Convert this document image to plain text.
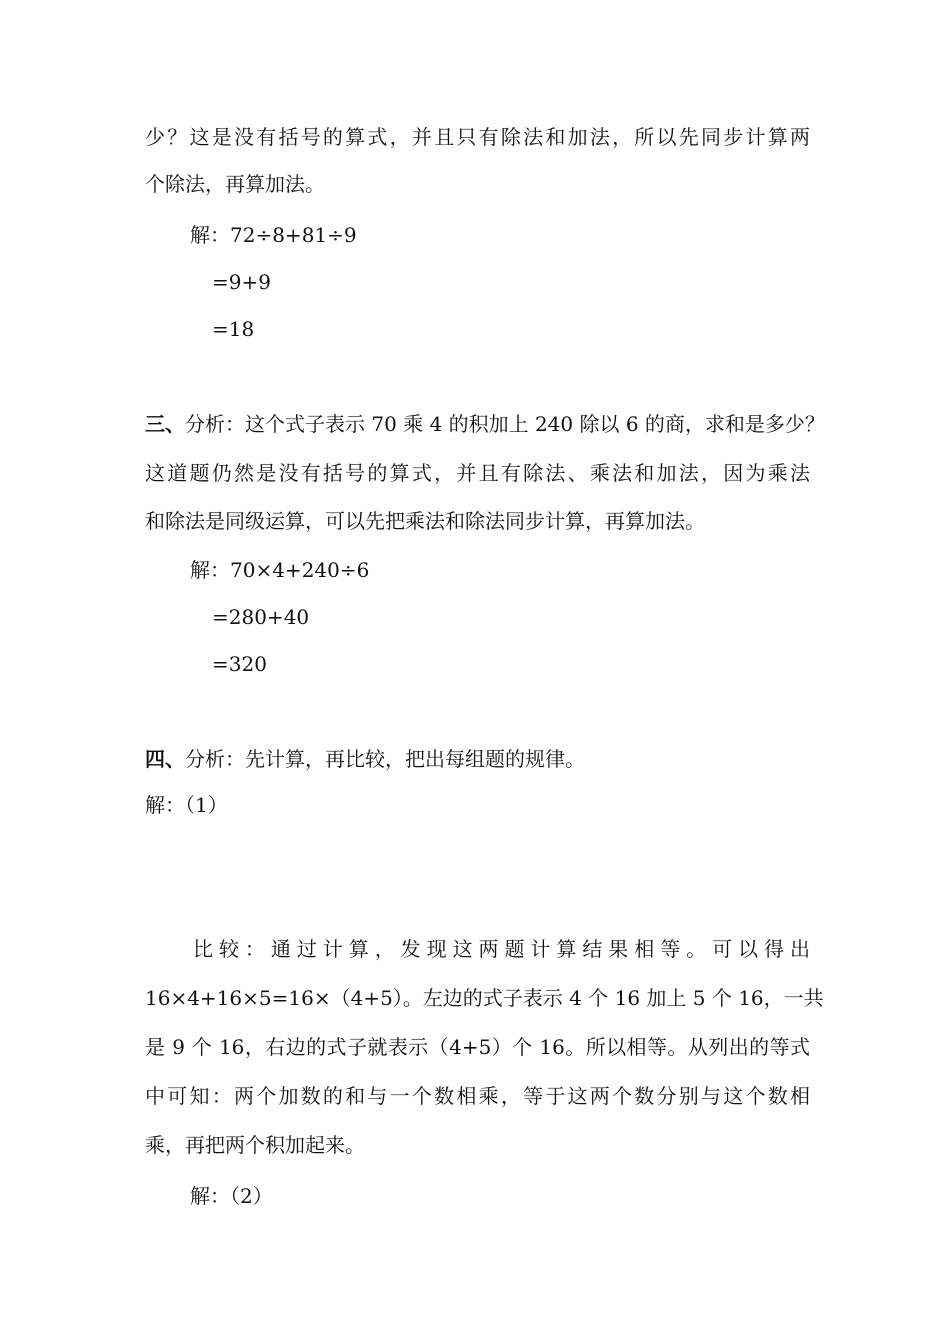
少？这是没有括号的算式，并且只有除法和加法，所以先同步计算两
个除法，再算加法。
解：72÷8+81÷9
=9+9
=18
三、分析：这个式子表示 70 乘 4 的积加上 240 除以 6 的商，求和是多少？
这道题仍然是没有括号的算式，并且有除法、乘法和加法，因为乘法
和除法是同级运算，可以先把乘法和除法同步计算，再算加法。
解：70×4+240÷6
=280+40
=320
四、分析：先计算，再比较，把出每组题的规律。
解：（1）
比较：通过计算，发现这两题计算结果相等。可以得出
16×4+16×5=16×（4+5）。左边的式子表示 4 个 16 加上 5 个 16，一共
是 9 个 16，右边的式子就表示（4+5）个 16。所以相等。从列出的等式
中可知：两个加数的和与一个数相乘，等于这两个数分别与这个数相
乘，再把两个积加起来。
解：（2）
